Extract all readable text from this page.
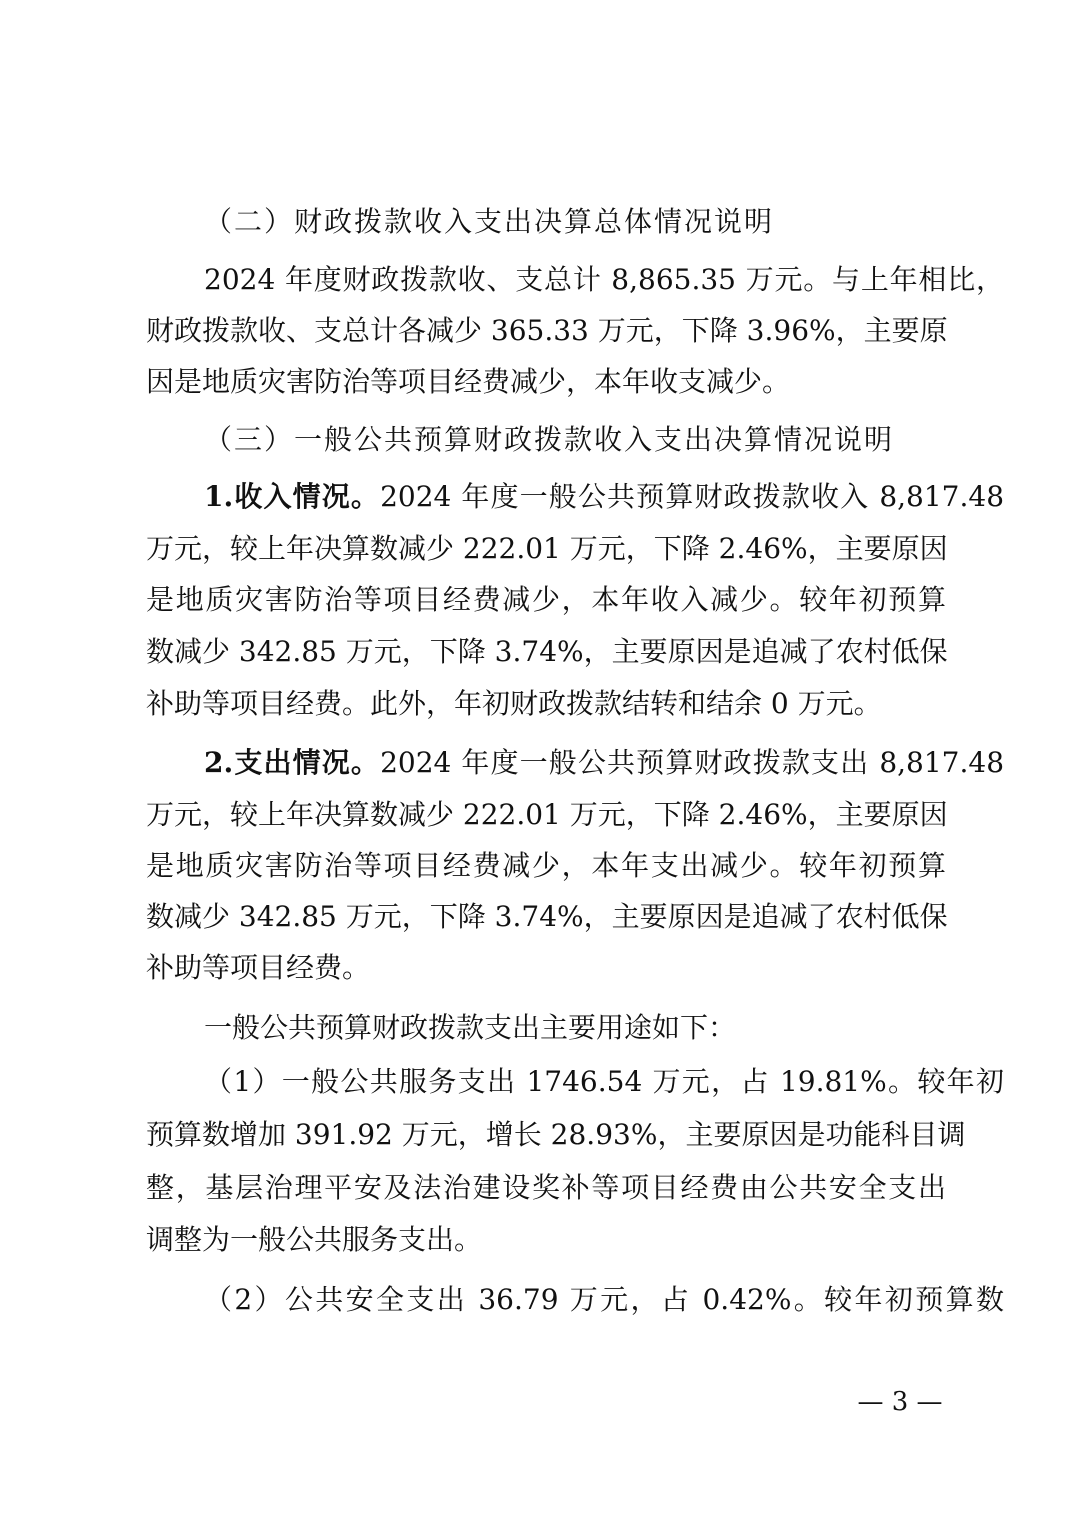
（二）财政拨款收入支出决算总体情况说明
2024 年度财政拨款收、支总计 8,865.35 万元。与上年相比，
财政拨款收、支总计各减少 365.33 万元，下降 3.96%，主要原
因是地质灾害防治等项目经费减少，本年收支减少。
（三）一般公共预算财政拨款收入支出决算情况说明
1.收入情况。2024 年度一般公共预算财政拨款收入 8,817.48
万元，较上年决算数减少 222.01 万元，下降 2.46%，主要原因
是地质灾害防治等项目经费减少，本年收入减少。较年初预算
数减少 342.85 万元，下降 3.74%，主要原因是追减了农村低保
补助等项目经费。此外，年初财政拨款结转和结余 0 万元。
2.支出情况。2024 年度一般公共预算财政拨款支出 8,817.48
万元，较上年决算数减少 222.01 万元，下降 2.46%，主要原因
是地质灾害防治等项目经费减少，本年支出减少。较年初预算
数减少 342.85 万元，下降 3.74%，主要原因是追减了农村低保
补助等项目经费。
一般公共预算财政拨款支出主要用途如下：
（1）一般公共服务支出 1746.54 万元，占 19.81%。较年初
预算数增加 391.92 万元，增长 28.93%，主要原因是功能科目调
整，基层治理平安及法治建设奖补等项目经费由公共安全支出
调整为一般公共服务支出。
（2）公共安全支出 36.79 万元，占 0.42%。较年初预算数
— 3 —
